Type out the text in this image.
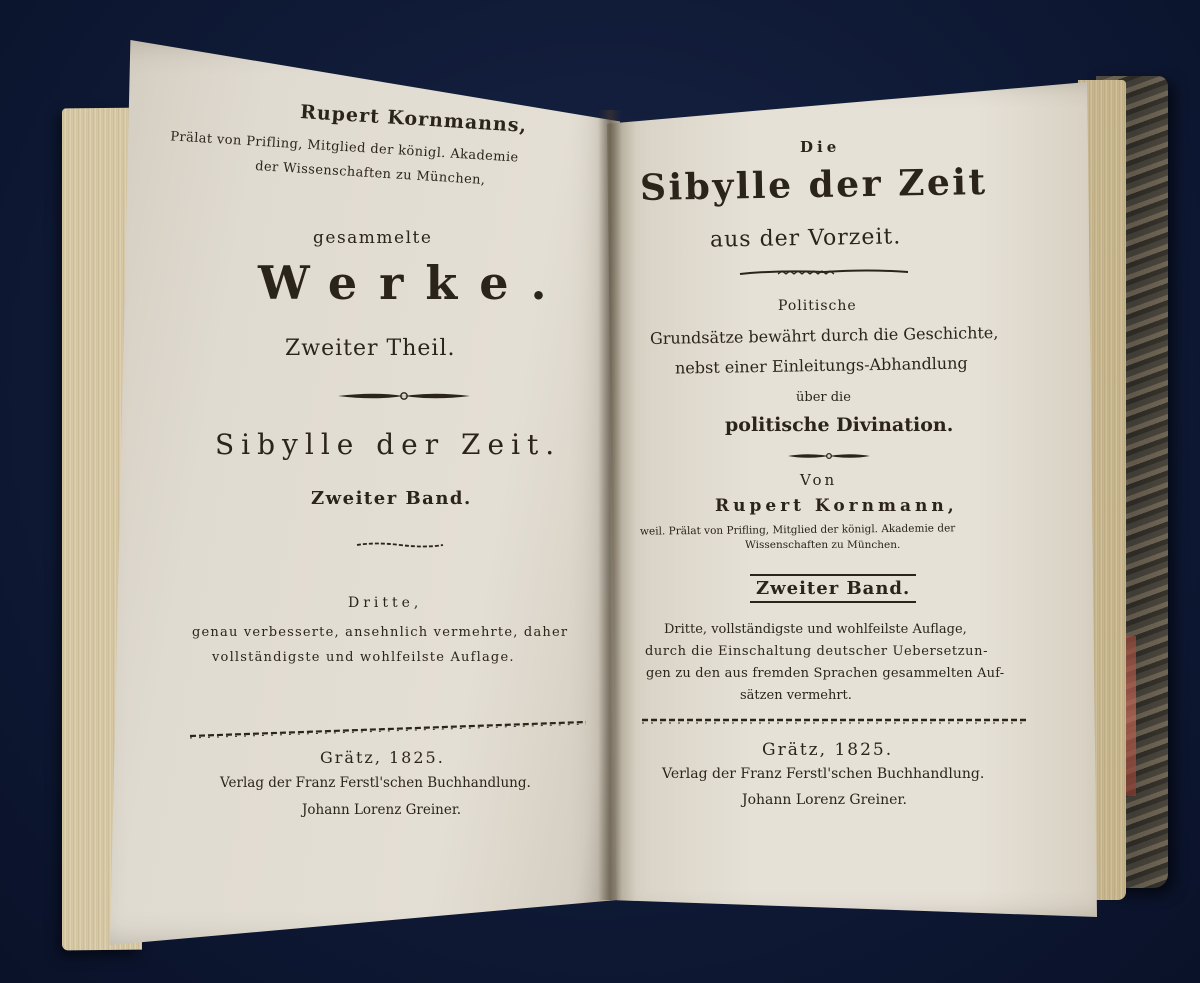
Rupert Kornmanns,
Prälat von Prifling, Mitglied der königl. Akademie
der Wissenschaften zu München,
gesammelte
Werke.
Zweiter Theil.
Sibylle der Zeit.
Zweiter Band.
Dritte,
genau verbesserte, ansehnlich vermehrte, daher
vollständigste und wohlfeilste Auflage.
Grätz, 1825.
Verlag der Franz Ferstl'schen Buchhandlung.
Johann Lorenz Greiner.
Die
Sibylle der Zeit
aus der Vorzeit.
Politische
Grundsätze bewährt durch die Geschichte,
nebst einer Einleitungs-Abhandlung
über die
politische Divination.
Von
Rupert Kornmann,
weil. Prälat von Prifling, Mitglied der königl. Akademie der
Wissenschaften zu München.
Zweiter Band.
Dritte, vollständigste und wohlfeilste Auflage,
durch die Einschaltung deutscher Uebersetzun-
gen zu den aus fremden Sprachen gesammelten Auf-
sätzen vermehrt.
Grätz, 1825.
Verlag der Franz Ferstl'schen Buchhandlung.
Johann Lorenz Greiner.
